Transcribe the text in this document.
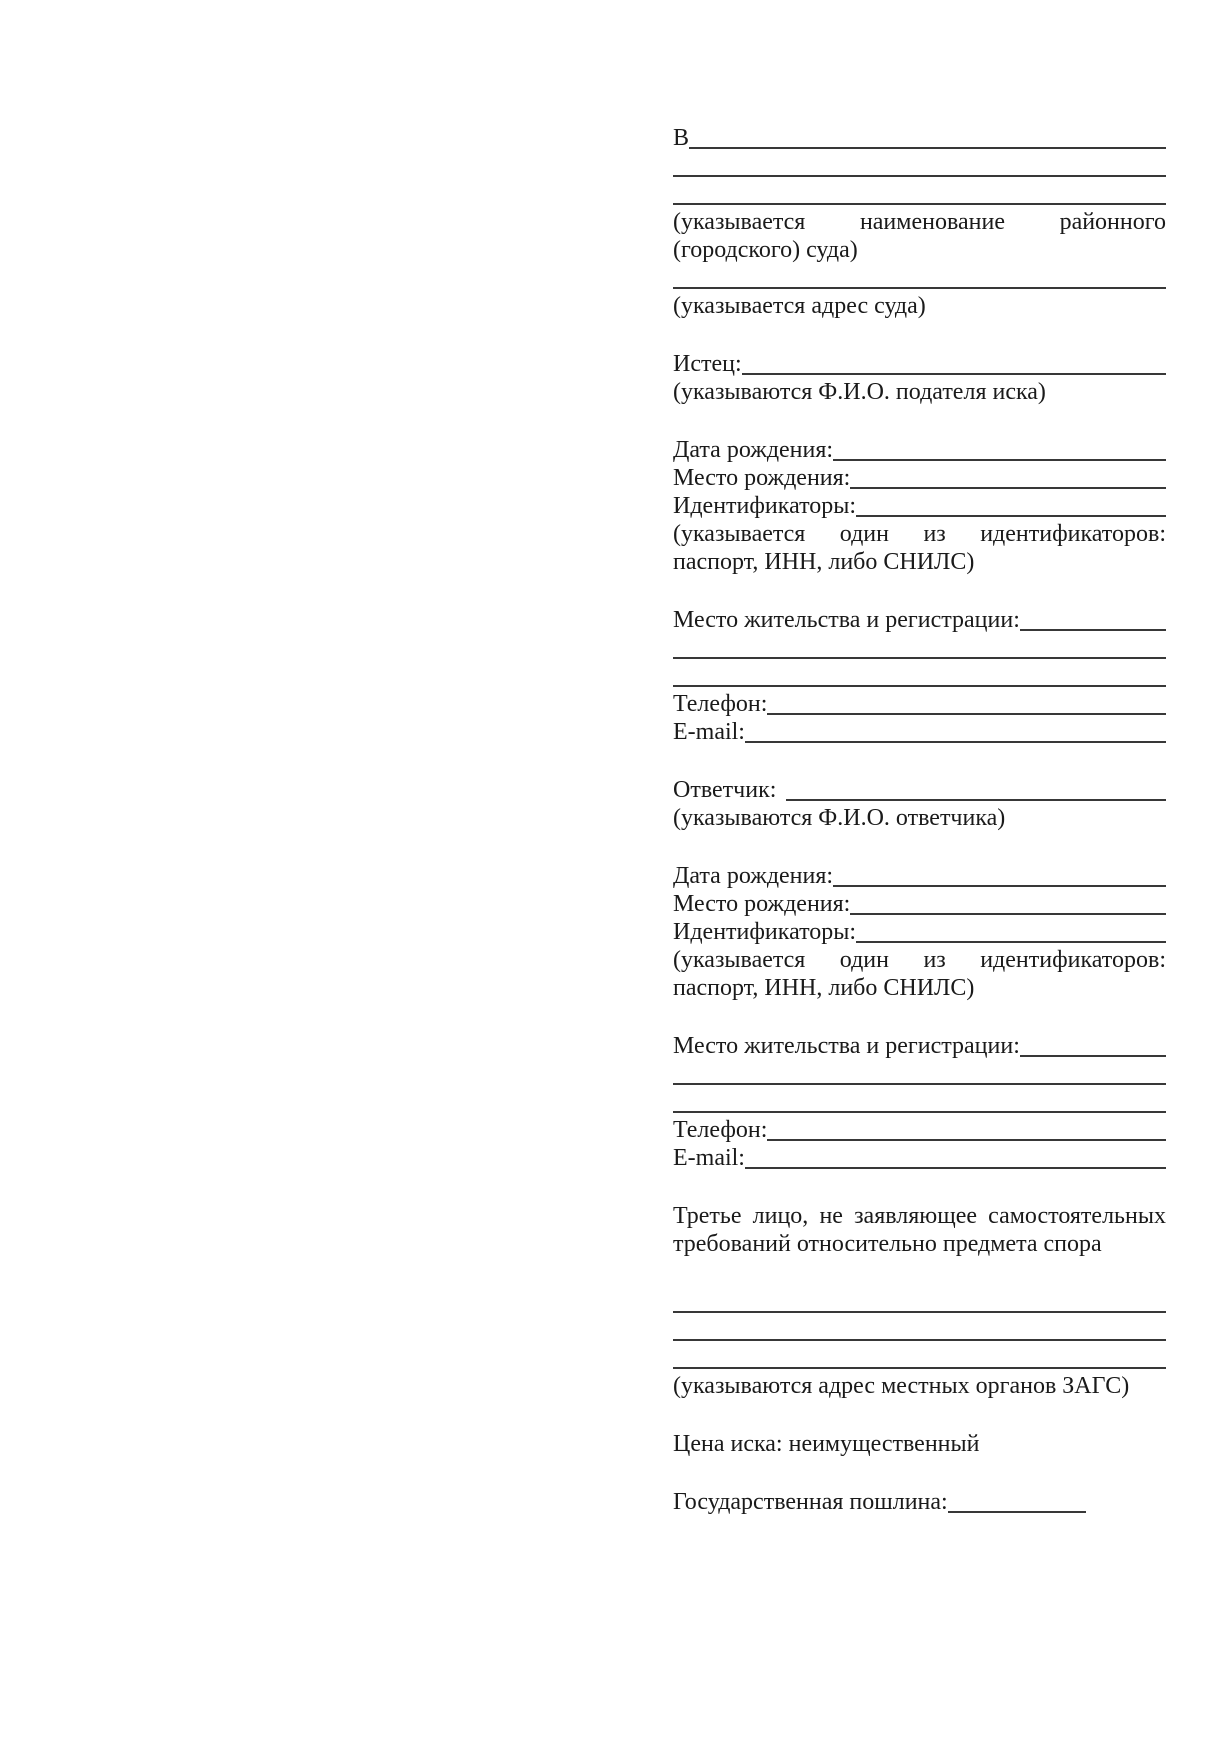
В
(указывается наименование районного
(городского) суда)
(указывается адрес суда)
Истец:
(указываются Ф.И.О. подателя иска)
Дата рождения:
Место рождения:
Идентификаторы:
(указывается один из идентификаторов:
паспорт, ИНН, либо СНИЛС)
Место жительства и регистрации:
Телефон:
E-mail:
Ответчик:
(указываются Ф.И.О. ответчика)
Дата рождения:
Место рождения:
Идентификаторы:
(указывается один из идентификаторов:
паспорт, ИНН, либо СНИЛС)
Место жительства и регистрации:
Телефон:
E-mail:
Третье лицо, не заявляющее самостоятельных
требований относительно предмета спора
(указываются адрес местных органов ЗАГС)
Цена иска: неимущественный
Государственная пошлина:
